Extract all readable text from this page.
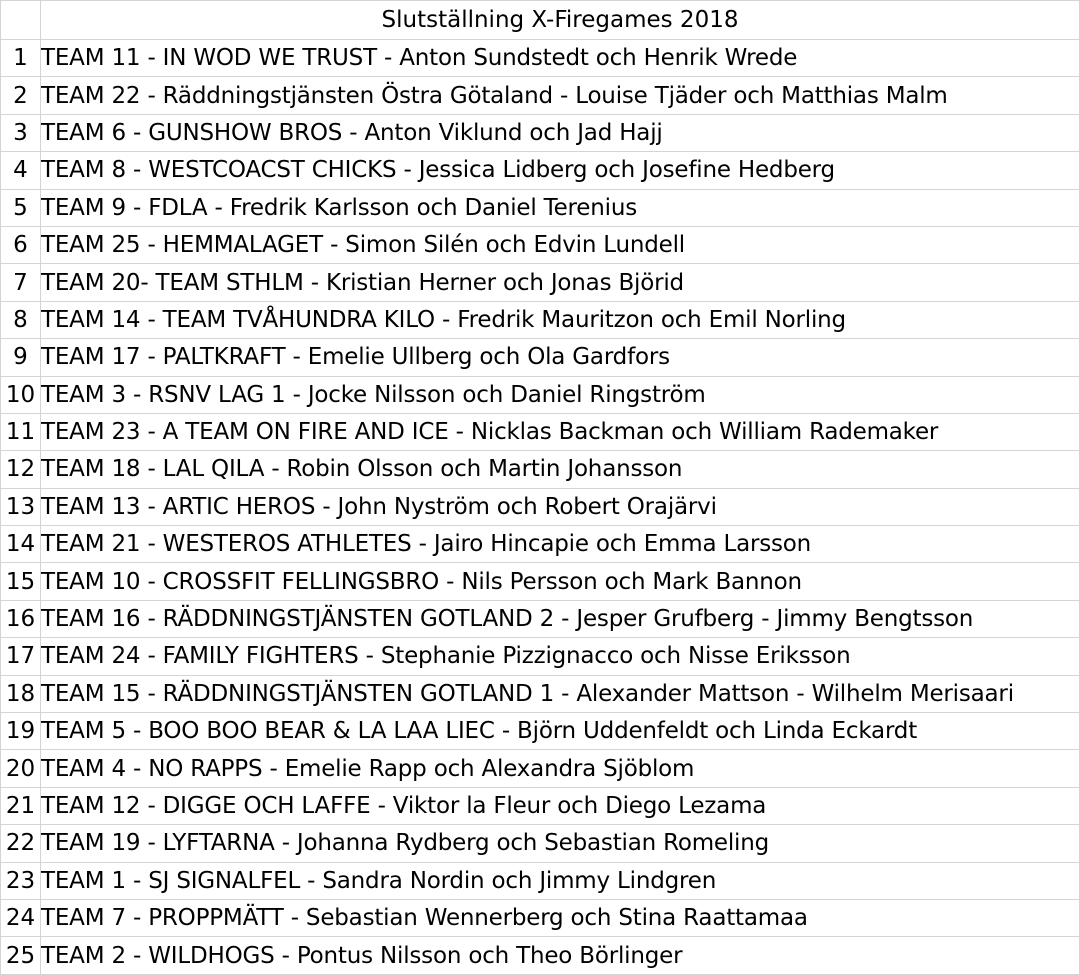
	Slutställning X-Firegames 2018
1	TEAM 11 - IN WOD WE TRUST - Anton Sundstedt och Henrik Wrede
2	TEAM 22 - Räddningstjänsten Östra Götaland - Louise Tjäder och Matthias Malm
3	TEAM 6 - GUNSHOW BROS - Anton Viklund och Jad Hajj
4	TEAM 8 - WESTCOACST CHICKS - Jessica Lidberg och Josefine Hedberg
5	TEAM 9 - FDLA - Fredrik Karlsson och Daniel Terenius
6	TEAM 25 - HEMMALAGET - Simon Silén och Edvin Lundell
7	TEAM 20- TEAM STHLM - Kristian Herner och Jonas Björid
8	TEAM 14 - TEAM TVÅHUNDRA KILO - Fredrik Mauritzon och Emil Norling
9	TEAM 17 - PALTKRAFT - Emelie Ullberg och Ola Gardfors
10	TEAM 3 - RSNV LAG 1 - Jocke Nilsson och Daniel Ringström
11	TEAM 23 - A TEAM ON FIRE AND ICE - Nicklas Backman och William Rademaker
12	TEAM 18 - LAL QILA - Robin Olsson och Martin Johansson
13	TEAM 13 - ARTIC HEROS - John Nyström och Robert Orajärvi
14	TEAM 21 - WESTEROS ATHLETES - Jairo Hincapie och Emma Larsson
15	TEAM 10 - CROSSFIT FELLINGSBRO - Nils Persson och Mark Bannon
16	TEAM 16 - RÄDDNINGSTJÄNSTEN GOTLAND 2 - Jesper Grufberg - Jimmy Bengtsson
17	TEAM 24 - FAMILY FIGHTERS - Stephanie Pizzignacco och Nisse Eriksson
18	TEAM 15 - RÄDDNINGSTJÄNSTEN GOTLAND 1 - Alexander Mattson - Wilhelm Merisaari
19	TEAM 5 - BOO BOO BEAR & LA LAA LIEC - Björn Uddenfeldt och Linda Eckardt
20	TEAM 4 - NO RAPPS - Emelie Rapp och Alexandra Sjöblom
21	TEAM 12 - DIGGE OCH LAFFE - Viktor la Fleur och Diego Lezama
22	TEAM 19 - LYFTARNA - Johanna Rydberg och Sebastian Romeling
23	TEAM 1 - SJ SIGNALFEL - Sandra Nordin och Jimmy Lindgren
24	TEAM 7 - PROPPMÄTT - Sebastian Wennerberg och Stina Raattamaa
25	TEAM 2 - WILDHOGS - Pontus Nilsson och Theo Börlinger
